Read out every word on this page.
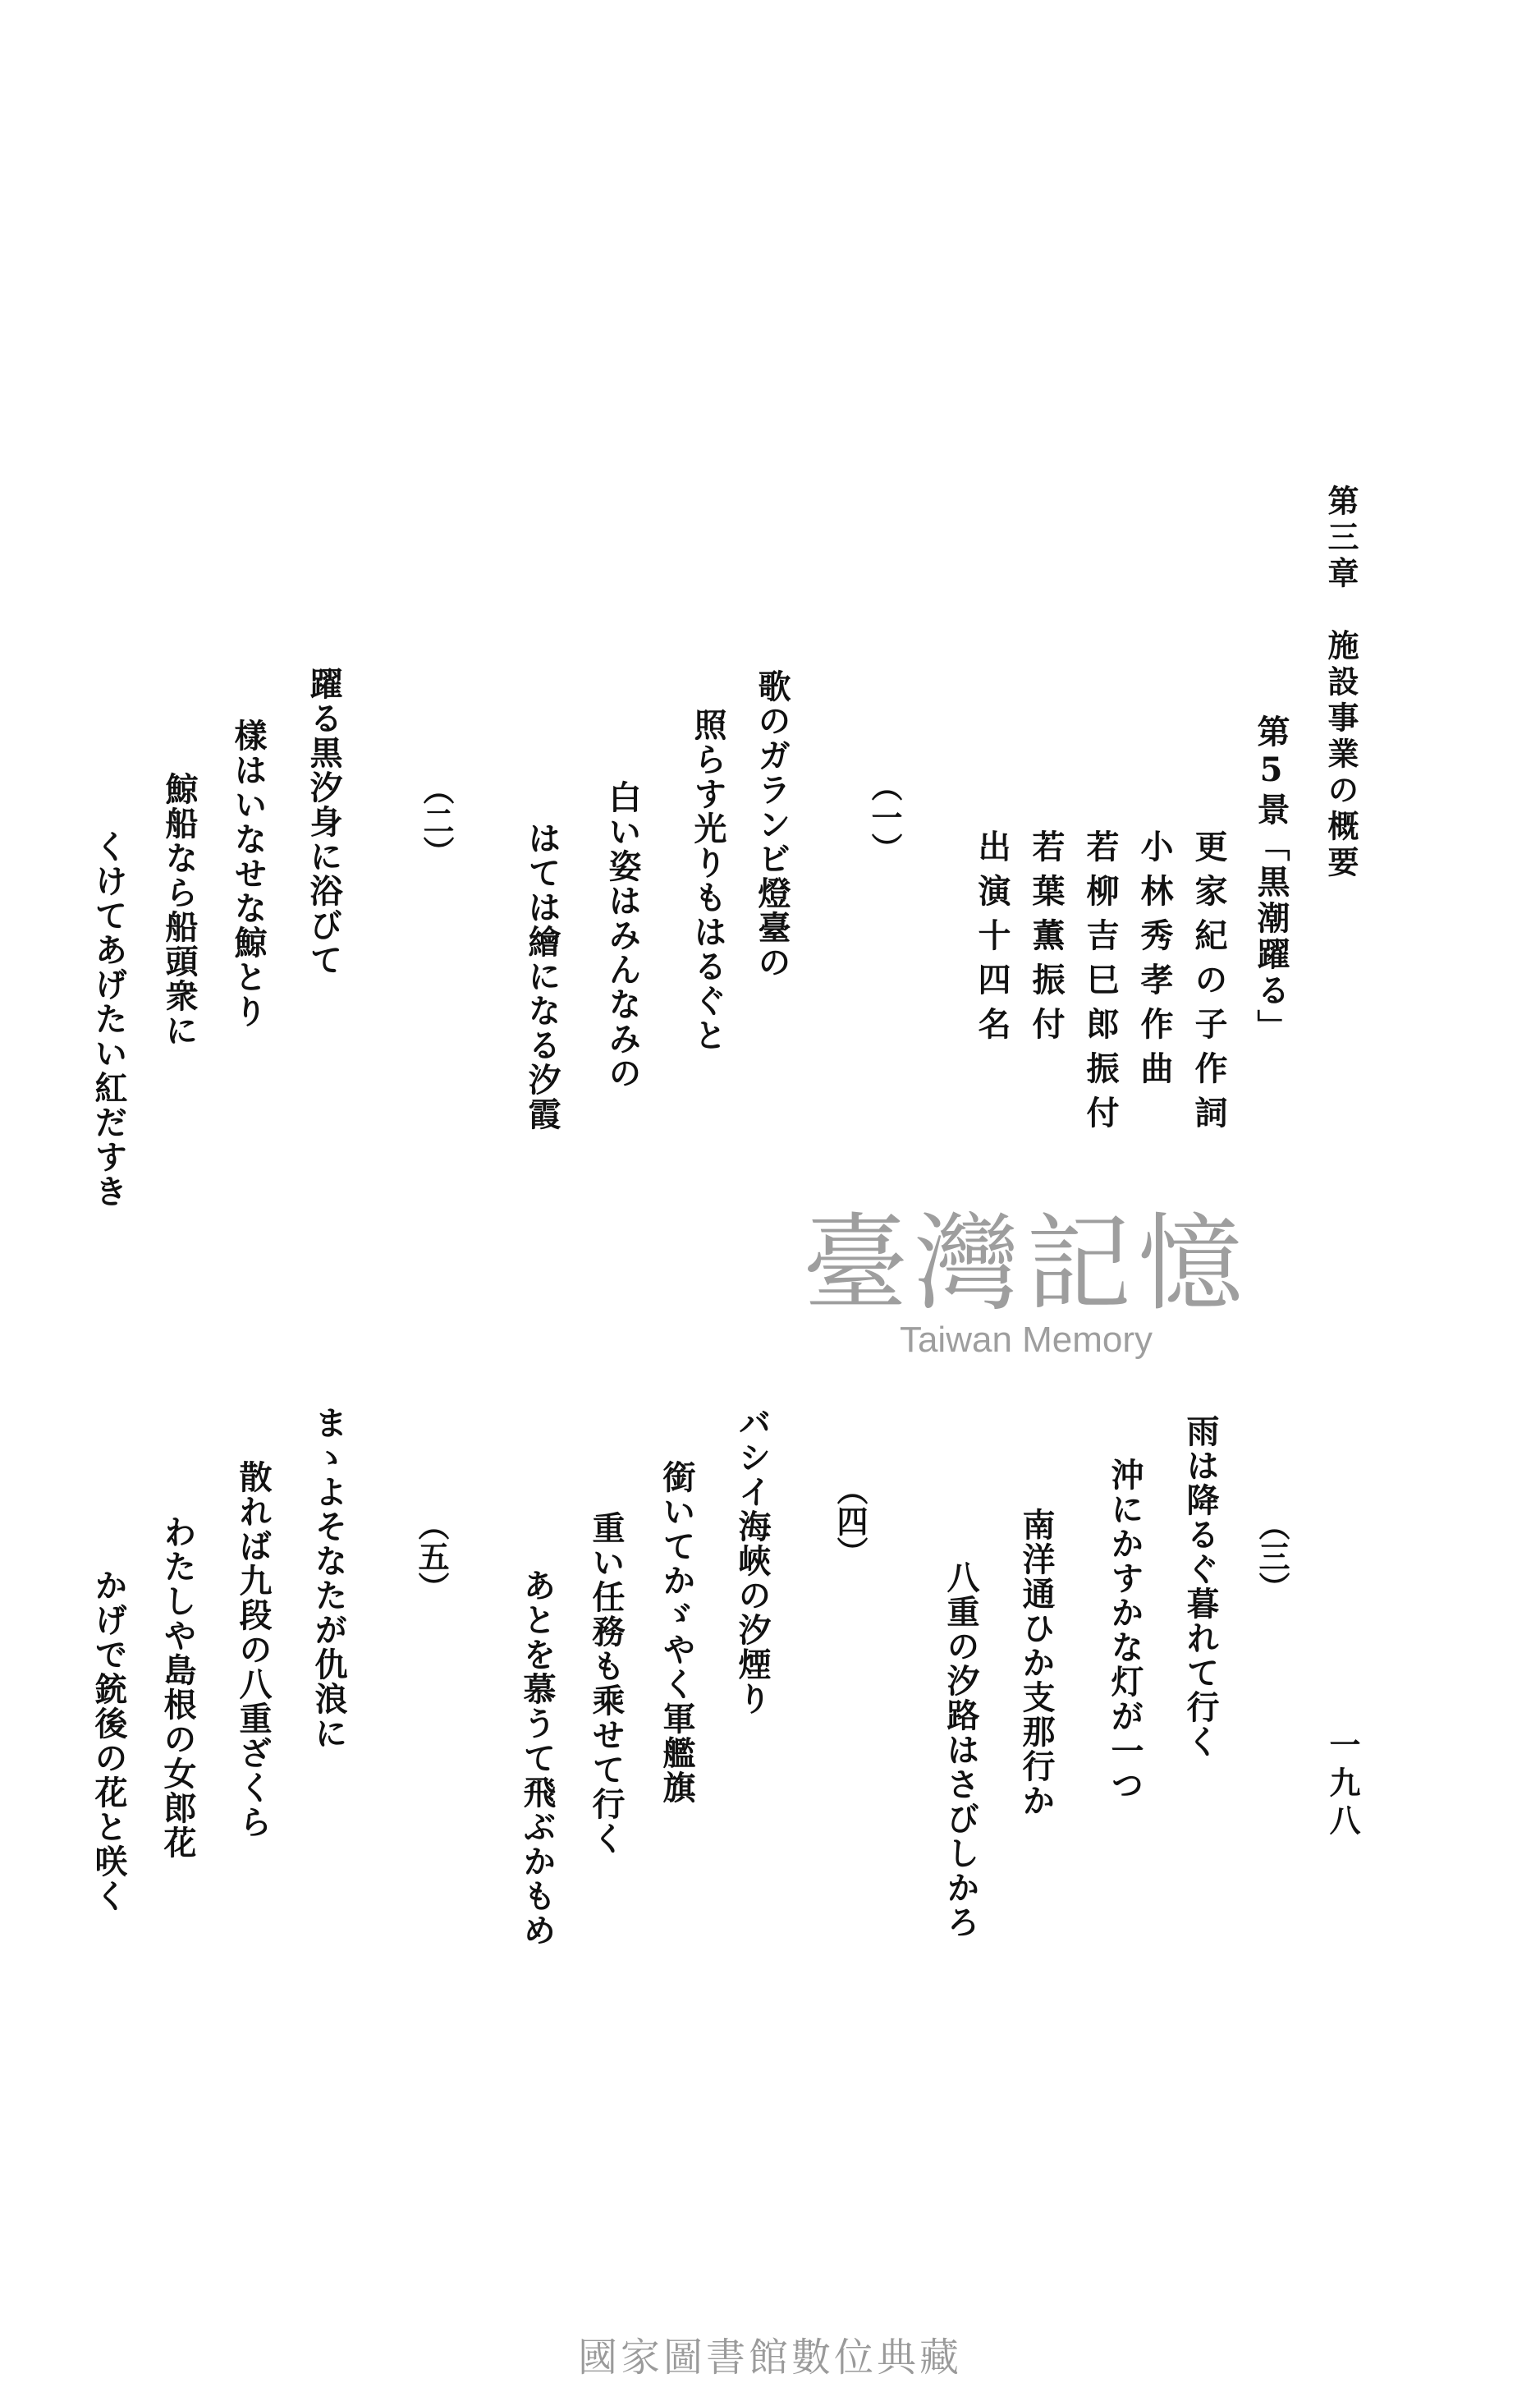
第三章　施設事業の概要
第5景「黒潮躍る」
更家紀の子作詞
小林秀孝作曲
若柳吉巳郎振付
若葉薫振付
出演十四名
（一）
歌のガランビ燈臺の
照らす光りもはるぐと
白い姿はみんなみの
はては繪になる汐霞
（二）
躍る黒汐身に浴びて
樣はいなせな鯨とり
鯨船なら船頭衆に
くけてあげたい紅だすき
（三）
雨は降るぐ暮れて行く
沖にかすかな灯が一つ
南洋通ひか支那行か
八重の汐路はさびしかろ
（四）
バシイ海峽の汐煙り
銜いてかゞやく軍艦旗
重い任務も乘せて行く
あとを慕うて飛ぶかもめ
（五）
まゝよそなたが仇浪に
散れば九段の八重ざくら
わたしや島根の女郎花
かげで銃後の花と咲く	一九八
臺灣記憶
Taiwan Memory
國家圖書館數位典藏
